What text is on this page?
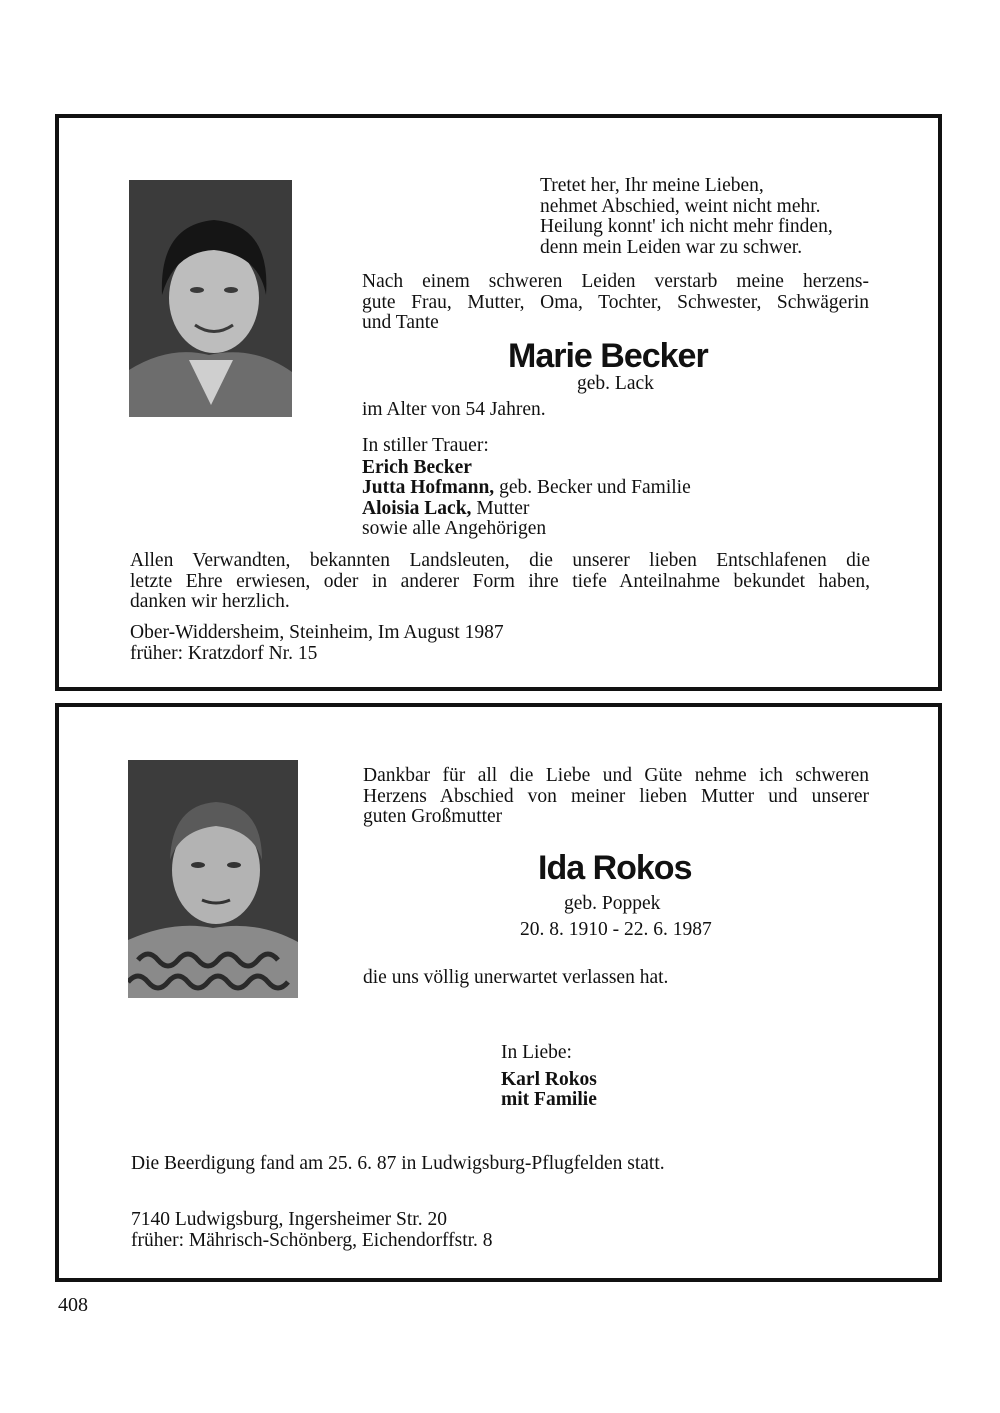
Tretet her, Ihr meine Lieben,
nehmet Abschied, weint nicht mehr.
Heilung konnt' ich nicht mehr finden,
denn mein Leiden war zu schwer.
Nach einem schweren Leiden verstarb meine herzens-
gute Frau, Mutter, Oma, Tochter, Schwester, Schwägerin
und Tante
Marie Becker
geb. Lack
im Alter von 54 Jahren.
In stiller Trauer:
Erich Becker
Jutta Hofmann, geb. Becker und Familie
Aloisia Lack, Mutter
sowie alle Angehörigen
Allen Verwandten, bekannten Landsleuten, die unserer lieben Entschlafenen die
letzte Ehre erwiesen, oder in anderer Form ihre tiefe Anteilnahme bekundet haben,
danken wir herzlich.
Ober-Widdersheim, Steinheim, Im August 1987
früher: Kratzdorf Nr. 15
Dankbar für all die Liebe und Güte nehme ich schweren
Herzens Abschied von meiner lieben Mutter und unserer
guten Großmutter
Ida Rokos
geb. Poppek
20. 8. 1910 - 22. 6. 1987
die uns völlig unerwartet verlassen hat.
In Liebe:
Karl Rokos
mit Familie
Die Beerdigung fand am 25. 6. 87 in Ludwigsburg-Pflugfelden statt.
7140 Ludwigsburg, Ingersheimer Str. 20
früher: Mährisch-Schönberg, Eichendorffstr. 8
408
